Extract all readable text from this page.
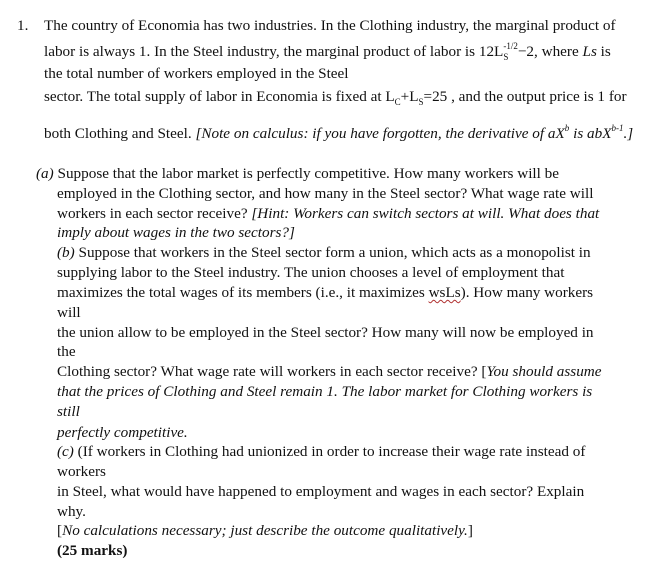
1. The country of Economia has two industries. In the Clothing industry, the marginal product of
labor is always 1. In the Steel industry, the marginal product of labor is $12L_S^{-1/2}-2$, where Ls is
the total number of workers employed in the Steel
sector. The total supply of labor in Economia is fixed at $L_C+L_S=25$ , and the output price is 1 for
both Clothing and Steel. [Note on calculus: if you have forgotten, the derivative of $aX^b$ is abX$^{b-1}$.]
(a) Suppose that the labor market is perfectly competitive. How many workers will be
employed in the Clothing sector, and how many in the Steel sector? What wage rate will
workers in each sector receive? [Hint: Workers can switch sectors at will. What does that
imply about wages in the two sectors?]
(b) Suppose that workers in the Steel sector form a union, which acts as a monopolist in
supplying labor to the Steel industry. The union chooses a level of employment that
maximizes the total wages of its members (i.e., it maximizes wsLs). How many workers
will
the union allow to be employed in the Steel sector? How many will now be employed in
the
Clothing sector? What wage rate will workers in each sector receive? [You should assume
that the prices of Clothing and Steel remain 1. The labor market for Clothing workers is
still
perfectly competitive.
(c) (If workers in Clothing had unionized in order to increase their wage rate instead of
workers
in Steel, what would have happened to employment and wages in each sector? Explain
why.
[No calculations necessary; just describe the outcome qualitatively.]
(25 marks)
